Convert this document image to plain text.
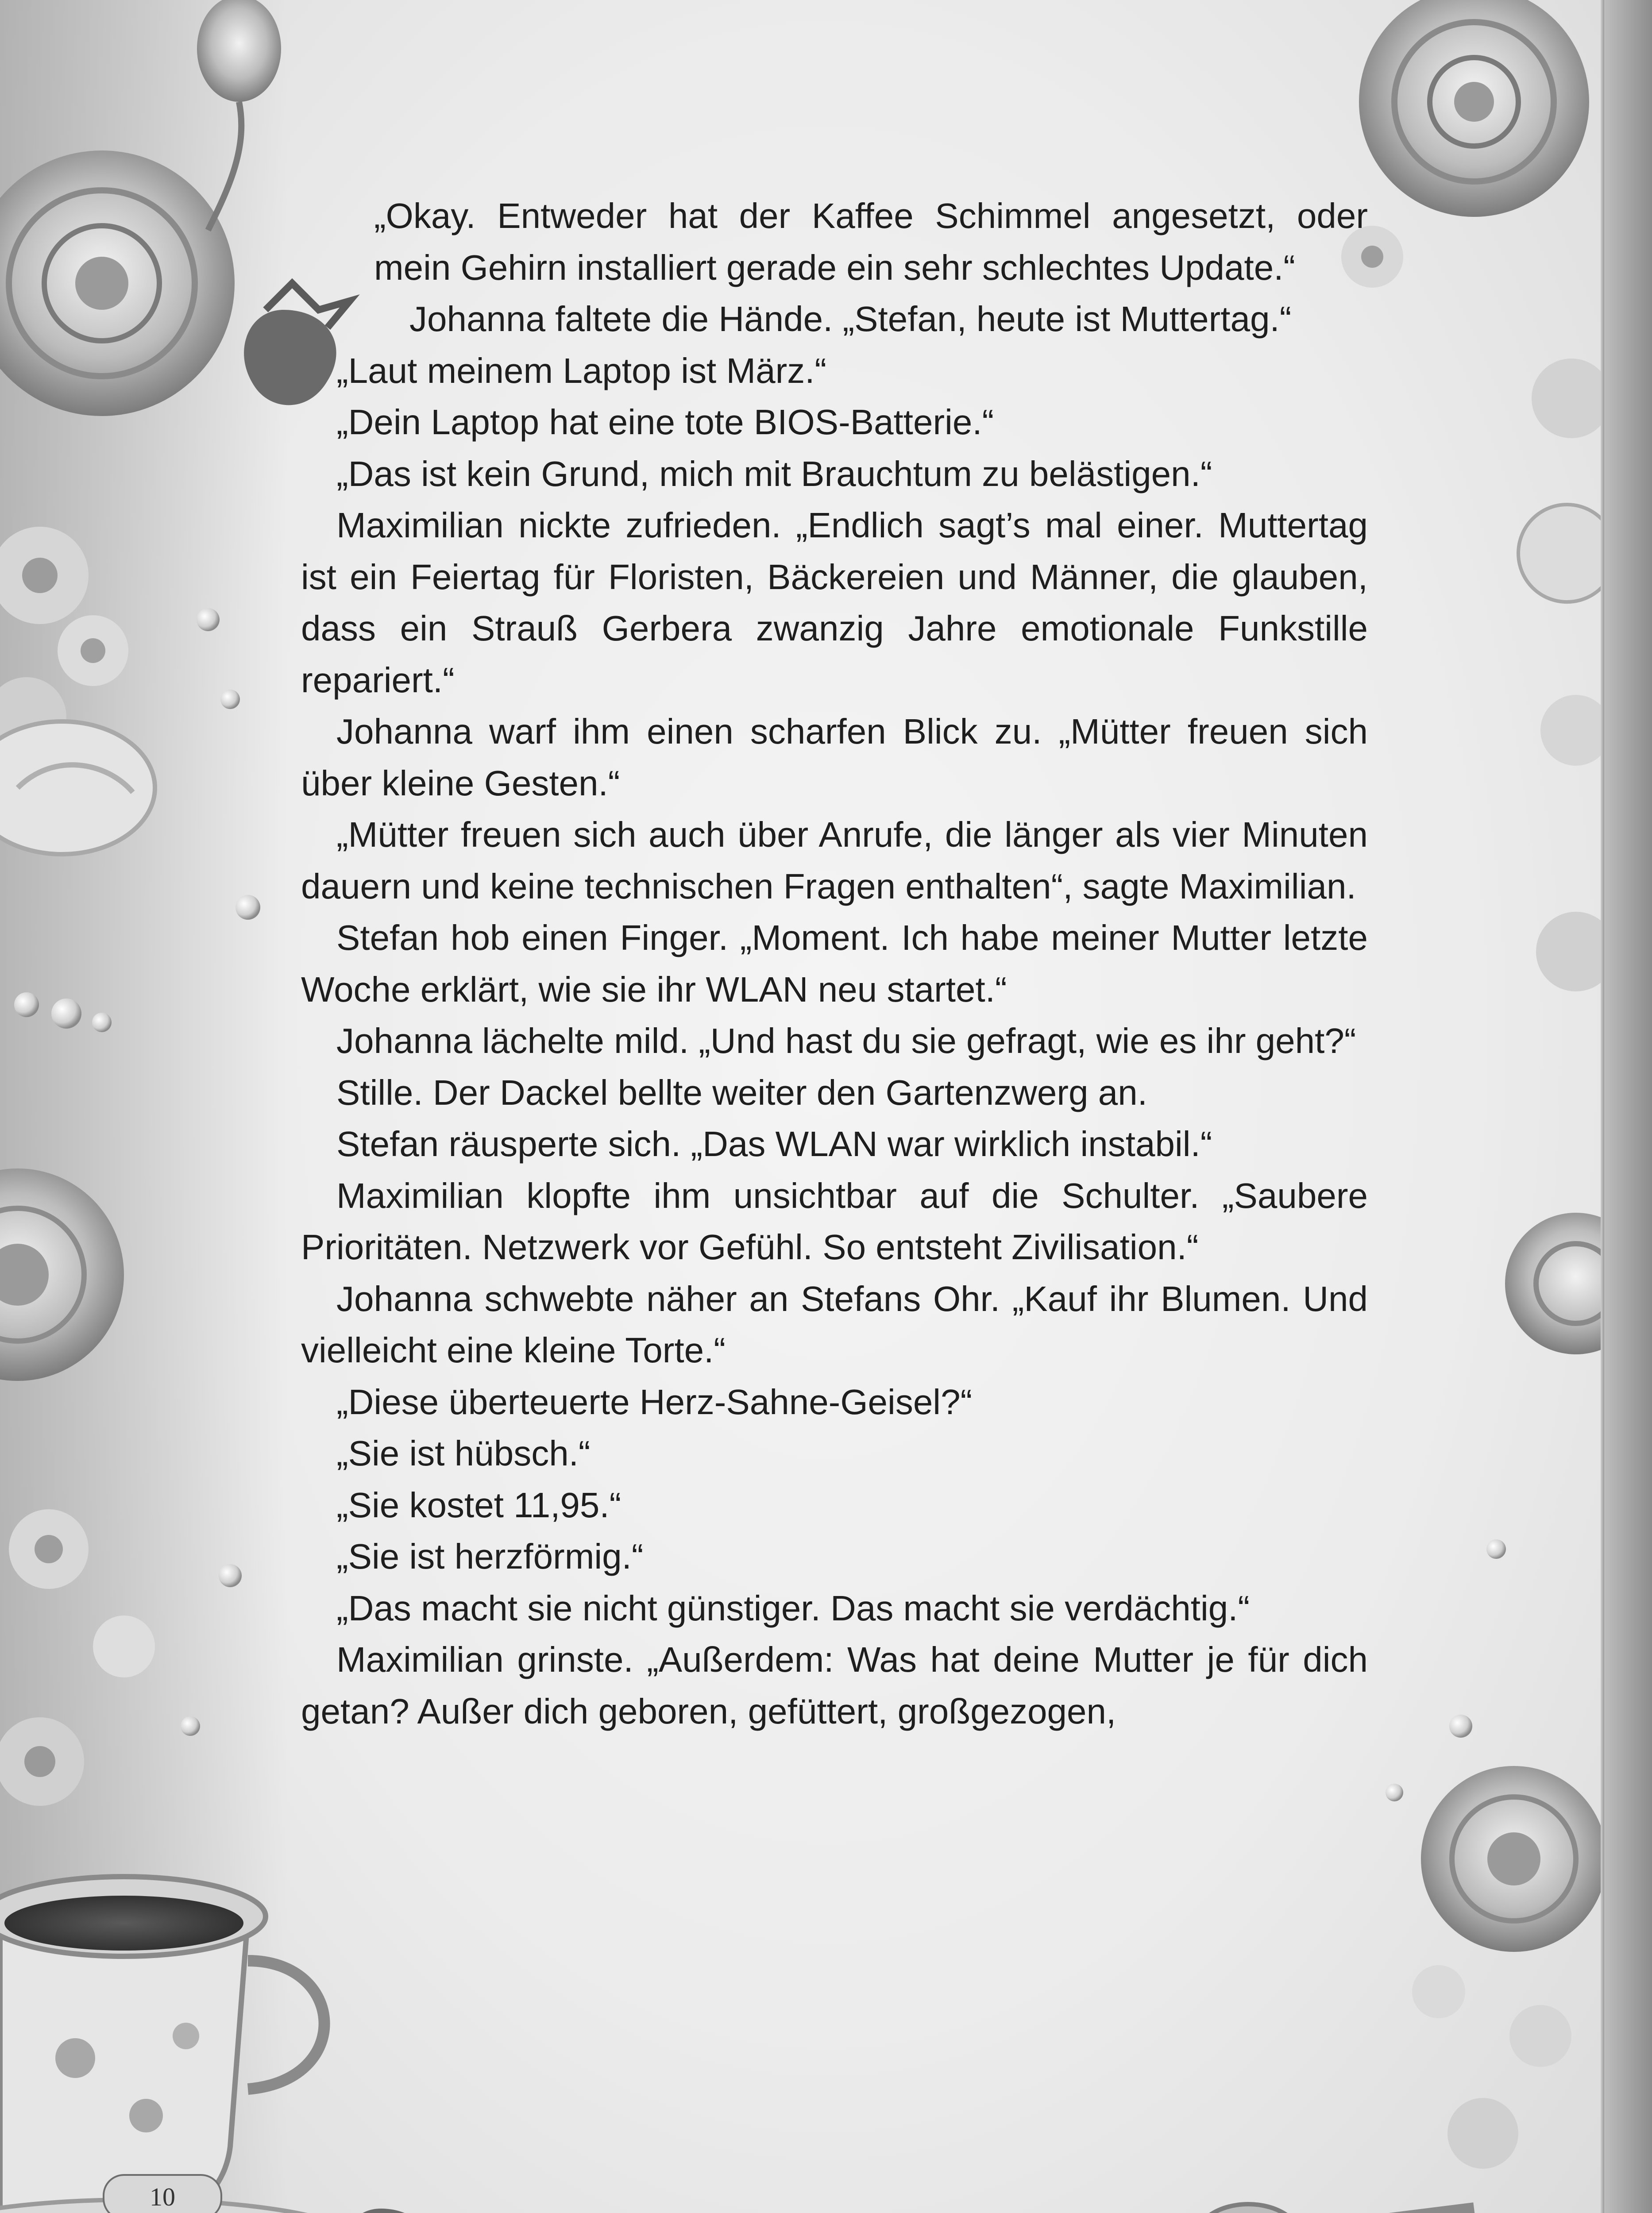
„Okay. Entweder hat der Kaffee Schimmel angesetzt, oder mein Gehirn installiert gerade ein sehr schlechtes Update.“

Johanna faltete die Hände. „Stefan, heute ist Muttertag.“

„Laut meinem Laptop ist März.“

„Dein Laptop hat eine tote BIOS-Batterie.“

„Das ist kein Grund, mich mit Brauchtum zu belästigen.“

Maximilian nickte zufrieden. „Endlich sagt’s mal einer. Muttertag ist ein Feiertag für Floristen, Bäckereien und Männer, die glauben, dass ein Strauß Gerbera zwanzig Jahre emotionale Funkstille repariert.“

Johanna warf ihm einen scharfen Blick zu. „Mütter freuen sich über kleine Gesten.“

„Mütter freuen sich auch über Anrufe, die länger als vier Minuten dauern und keine technischen Fragen enthalten“, sagte Maximilian.

Stefan hob einen Finger. „Moment. Ich habe meiner Mutter letzte Woche erklärt, wie sie ihr WLAN neu startet.“

Johanna lächelte mild. „Und hast du sie gefragt, wie es ihr geht?“

Stille. Der Dackel bellte weiter den Gartenzwerg an.

Stefan räusperte sich. „Das WLAN war wirklich instabil.“

Maximilian klopfte ihm unsichtbar auf die Schulter. „Saubere Prioritäten. Netzwerk vor Gefühl. So entsteht Zivilisation.“

Johanna schwebte näher an Stefans Ohr. „Kauf ihr Blumen. Und vielleicht eine kleine Torte.“

„Diese überteuerte Herz-Sahne-Geisel?“

„Sie ist hübsch.“

„Sie kostet 11,95.“

„Sie ist herzförmig.“

„Das macht sie nicht günstiger. Das macht sie verdächtig.“

Maximilian grinste. „Außerdem: Was hat deine Mutter je für dich getan? Außer dich geboren, gefüttert, großgezogen,

10
